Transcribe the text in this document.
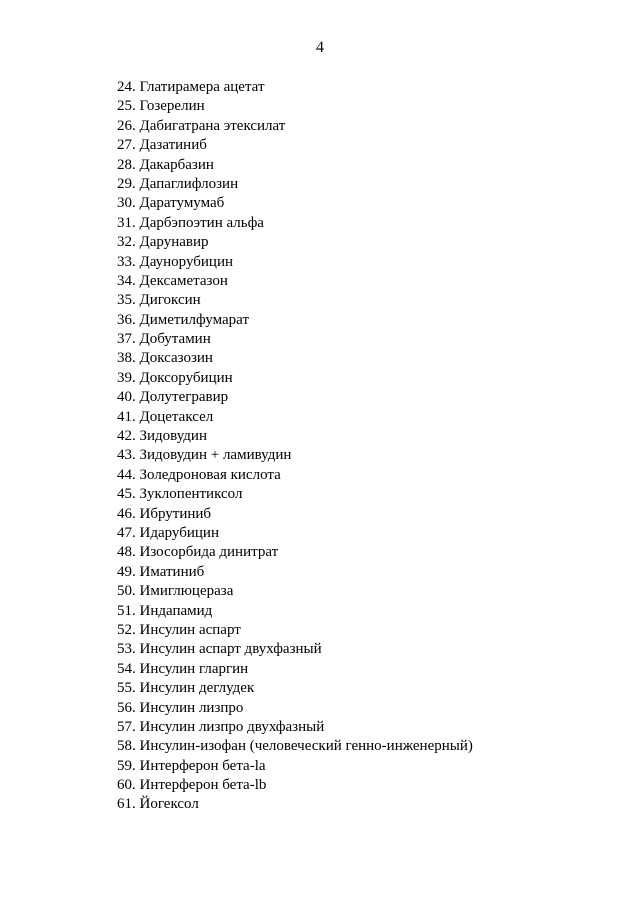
4
24. Глатирамера ацетат
25. Гозерелин
26. Дабигатрана этексилат
27. Дазатиниб
28. Дакарбазин
29. Дапаглифлозин
30. Даратумумаб
31. Дарбэпоэтин альфа
32. Дарунавир
33. Даунорубицин
34. Дексаметазон
35. Дигоксин
36. Диметилфумарат
37. Добутамин
38. Доксазозин
39. Доксорубицин
40. Долутегравир
41. Доцетаксел
42. Зидовудин
43. Зидовудин + ламивудин
44. Золедроновая кислота
45. Зуклопентиксол
46. Ибрутиниб
47. Идарубицин
48. Изосорбида динитрат
49. Иматиниб
50. Имиглюцераза
51. Индапамид
52. Инсулин аспарт
53. Инсулин аспарт двухфазный
54. Инсулин гларгин
55. Инсулин деглудек
56. Инсулин лизпро
57. Инсулин лизпро двухфазный
58. Инсулин-изофан (человеческий генно-инженерный)
59. Интерферон бета-la
60. Интерферон бета-lb
61. Йогексол
